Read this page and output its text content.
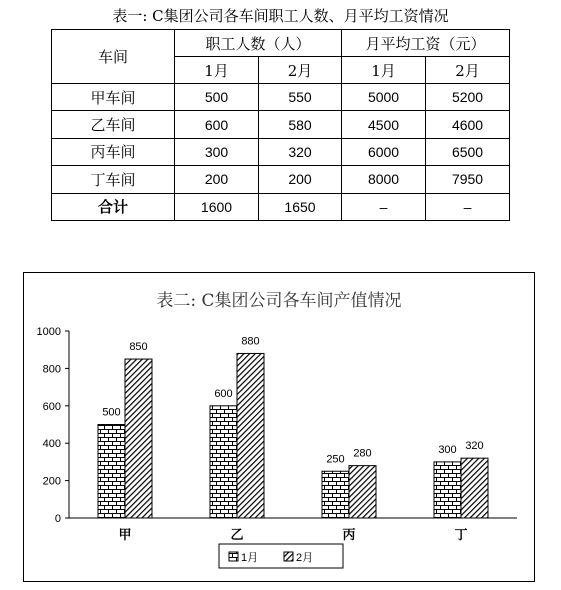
表一: C集团公司各车间职工人数、月平均工资情况
车间	职工人数（人）		月平均工资（元）	
	1月	2月	1月	2月
甲车间	500	550	5000	5200
乙车间	600	580	4500	4600
丙车间	300	320	6000	6500
丁车间	200	200	8000	7950
合计	1600	1650	–	–
表二: C集团公司各车间产值情况
0
200
400
600
800
1000
500
850
600
880
250 280	300 320
甲	乙	丙	丁
1月	2月
